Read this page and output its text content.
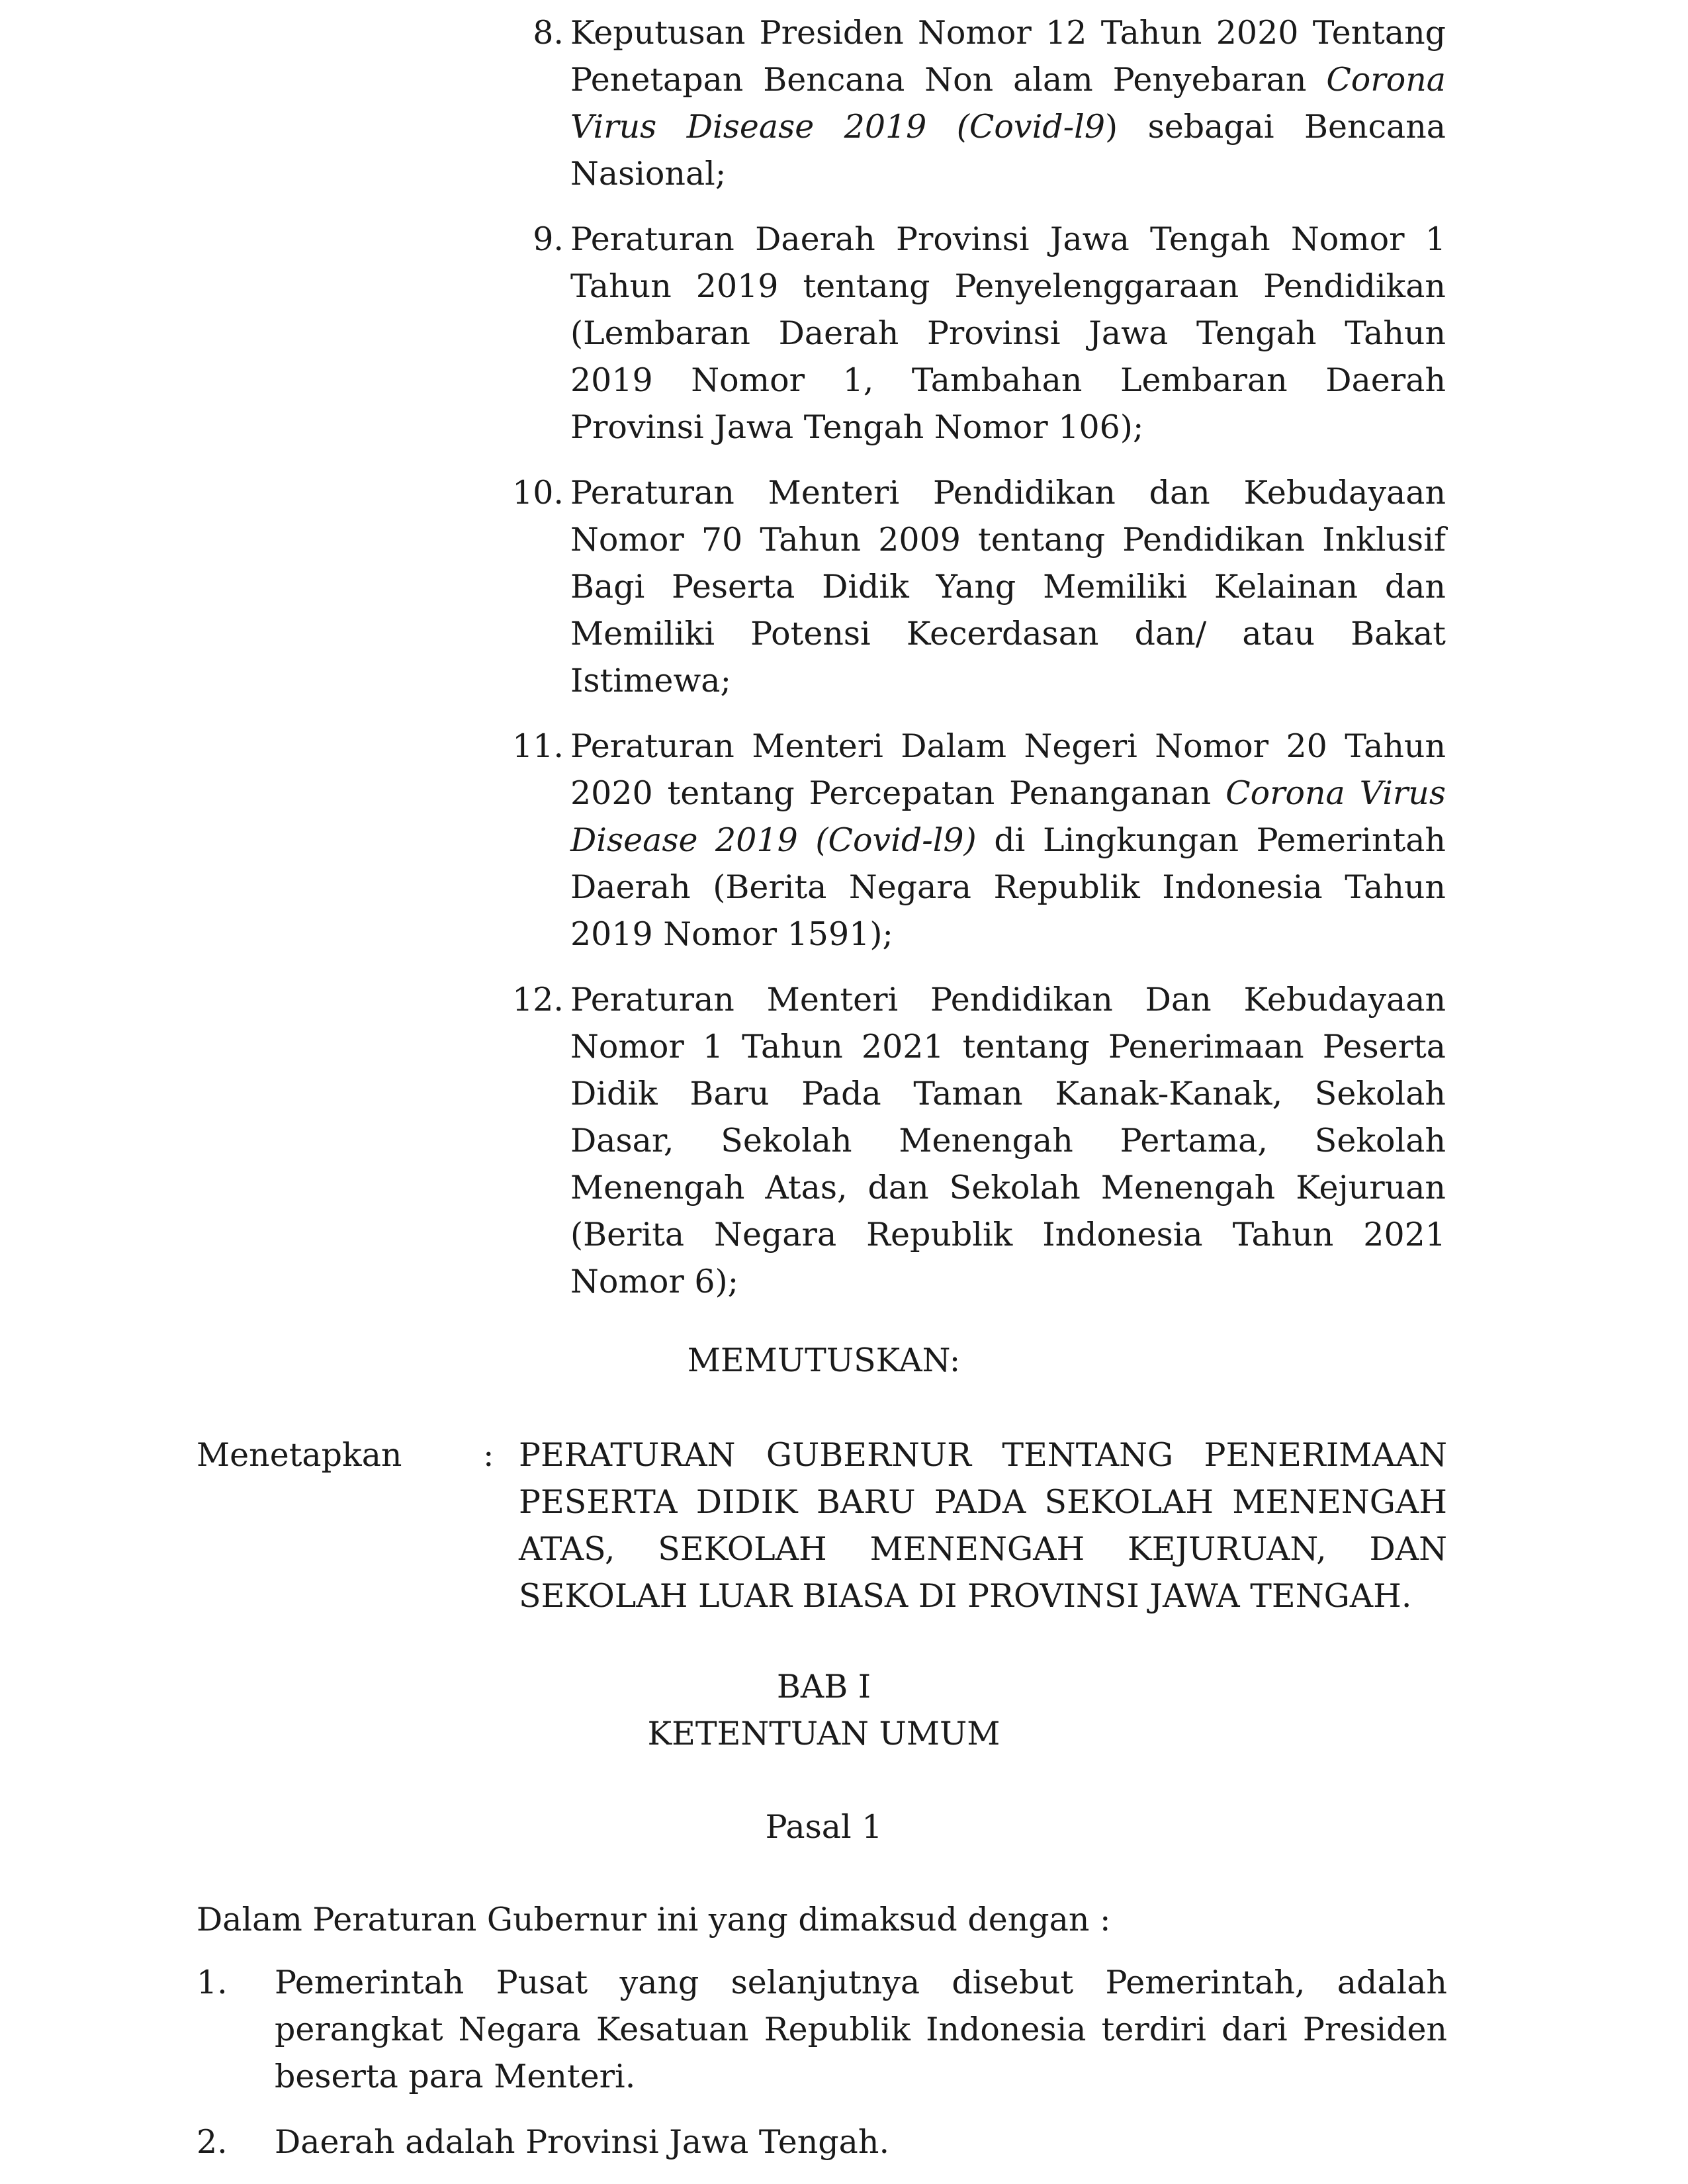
8. Keputusan Presiden Nomor 12 Tahun 2020 Tentang Penetapan Bencana Non alam Penyebaran Corona Virus Disease 2019 (Covid-l9) sebagai Bencana Nasional;
9. Peraturan Daerah Provinsi Jawa Tengah Nomor 1 Tahun 2019 tentang Penyelenggaraan Pendidikan (Lembaran Daerah Provinsi Jawa Tengah Tahun 2019 Nomor 1, Tambahan Lembaran Daerah Provinsi Jawa Tengah Nomor 106);
10. Peraturan Menteri Pendidikan dan Kebudayaan Nomor 70 Tahun 2009 tentang Pendidikan Inklusif Bagi Peserta Didik Yang Memiliki Kelainan dan Memiliki Potensi Kecerdasan dan/ atau Bakat Istimewa;
11. Peraturan Menteri Dalam Negeri Nomor 20 Tahun 2020 tentang Percepatan Penanganan Corona Virus Disease 2019 (Covid-l9) di Lingkungan Pemerintah Daerah (Berita Negara Republik Indonesia Tahun 2019 Nomor 1591);
12. Peraturan Menteri Pendidikan Dan Kebudayaan Nomor 1 Tahun 2021 tentang Penerimaan Peserta Didik Baru Pada Taman Kanak-Kanak, Sekolah Dasar, Sekolah Menengah Pertama, Sekolah Menengah Atas, dan Sekolah Menengah Kejuruan (Berita Negara Republik Indonesia Tahun 2021 Nomor 6);
MEMUTUSKAN:
Menetapkan	: PERATURAN GUBERNUR TENTANG PENERIMAAN PESERTA DIDIK BARU PADA SEKOLAH MENENGAH ATAS, SEKOLAH MENENGAH KEJURUAN, DAN SEKOLAH LUAR BIASA DI PROVINSI JAWA TENGAH.
BAB I
KETENTUAN UMUM
Pasal 1
Dalam Peraturan Gubernur ini yang dimaksud dengan :
1. Pemerintah Pusat yang selanjutnya disebut Pemerintah, adalah perangkat Negara Kesatuan Republik Indonesia terdiri dari Presiden beserta para Menteri.
2. Daerah adalah Provinsi Jawa Tengah.
